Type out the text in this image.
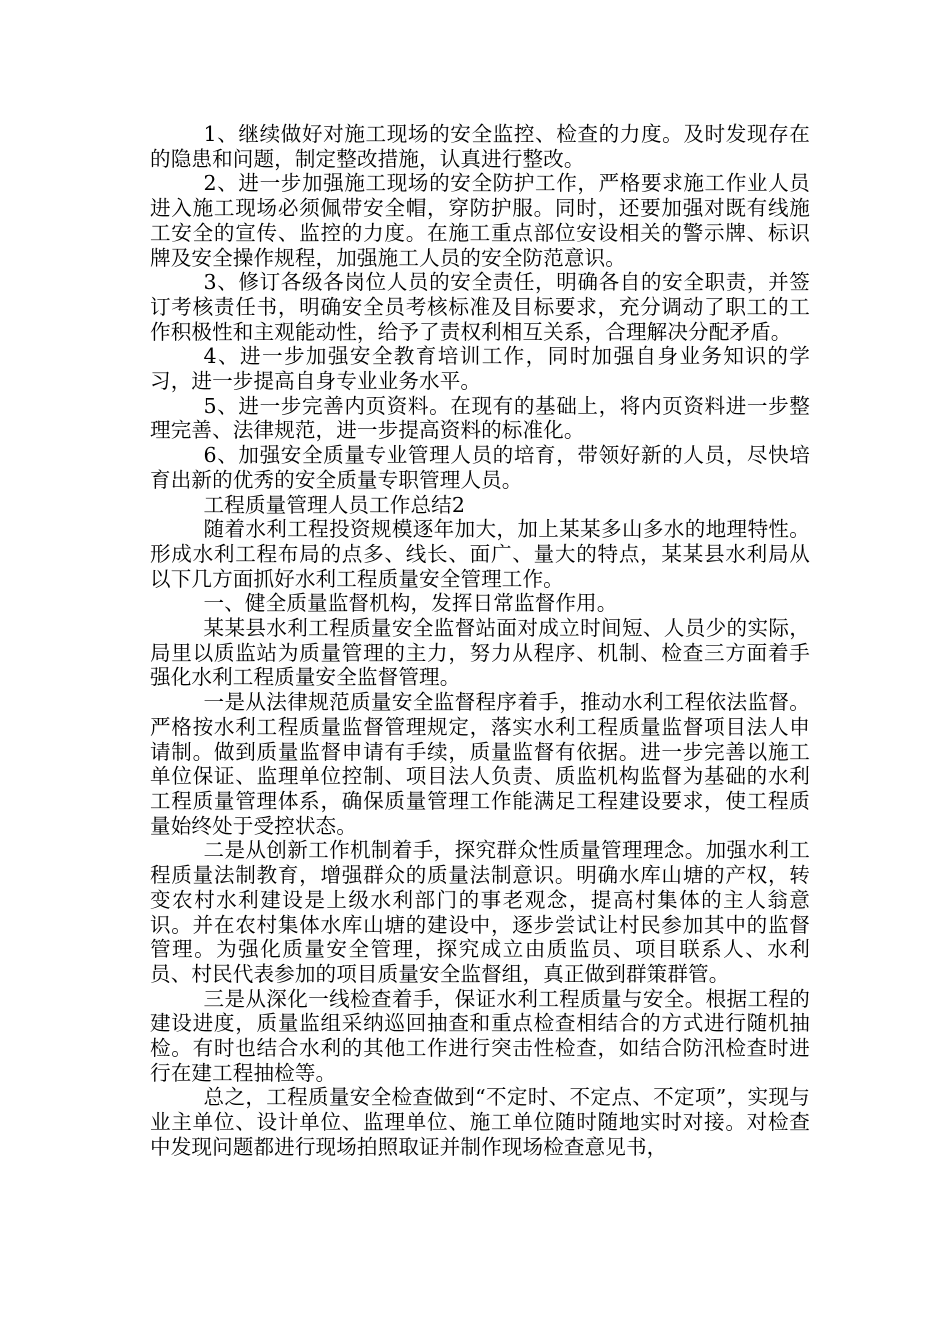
1、继续做好对施工现场的安全监控、检查的力度。及时发现存在的隐患和问题，制定整改措施，认真进行整改。

2、进一步加强施工现场的安全防护工作，严格要求施工作业人员进入施工现场必须佩带安全帽，穿防护服。同时，还要加强对既有线施工安全的宣传、监控的力度。在施工重点部位安设相关的警示牌、标识牌及安全操作规程，加强施工人员的安全防范意识。

3、修订各级各岗位人员的安全责任，明确各自的安全职责，并签订考核责任书，明确安全员考核标准及目标要求，充分调动了职工的工作积极性和主观能动性，给予了责权利相互关系，合理解决分配矛盾。

4、进一步加强安全教育培训工作，同时加强自身业务知识的学习，进一步提高自身专业业务水平。

5、进一步完善内页资料。在现有的基础上，将内页资料进一步整理完善、法律规范，进一步提高资料的标准化。

6、加强安全质量专业管理人员的培育，带领好新的人员，尽快培育出新的优秀的安全质量专职管理人员。

工程质量管理人员工作总结2

随着水利工程投资规模逐年加大，加上某某多山多水的地理特性。形成水利工程布局的点多、线长、面广、量大的特点，某某县水利局从以下几方面抓好水利工程质量安全管理工作。

一、健全质量监督机构，发挥日常监督作用。

某某县水利工程质量安全监督站面对成立时间短、人员少的实际，局里以质监站为质量管理的主力，努力从程序、机制、检查三方面着手强化水利工程质量安全监督管理。

一是从法律规范质量安全监督程序着手，推动水利工程依法监督。严格按水利工程质量监督管理规定，落实水利工程质量监督项目法人申请制。做到质量监督申请有手续，质量监督有依据。进一步完善以施工单位保证、监理单位控制、项目法人负责、质监机构监督为基础的水利工程质量管理体系，确保质量管理工作能满足工程建设要求，使工程质量始终处于受控状态。

二是从创新工作机制着手，探究群众性质量管理理念。加强水利工程质量法制教育，增强群众的质量法制意识。明确水库山塘的产权，转变农村水利建设是上级水利部门的事老观念，提高村集体的主人翁意识。并在农村集体水库山塘的建设中，逐步尝试让村民参加其中的监督管理。为强化质量安全管理，探究成立由质监员、项目联系人、水利员、村民代表参加的项目质量安全监督组，真正做到群策群管。

三是从深化一线检查着手，保证水利工程质量与安全。根据工程的建设进度，质量监组采纳巡回抽查和重点检查相结合的方式进行随机抽检。有时也结合水利的其他工作进行突击性检查，如结合防汛检查时进行在建工程抽检等。

总之，工程质量安全检查做到“不定时、不定点、不定项”，实现与业主单位、设计单位、监理单位、施工单位随时随地实时对接。对检查中发现问题都进行现场拍照取证并制作现场检查意见书，
